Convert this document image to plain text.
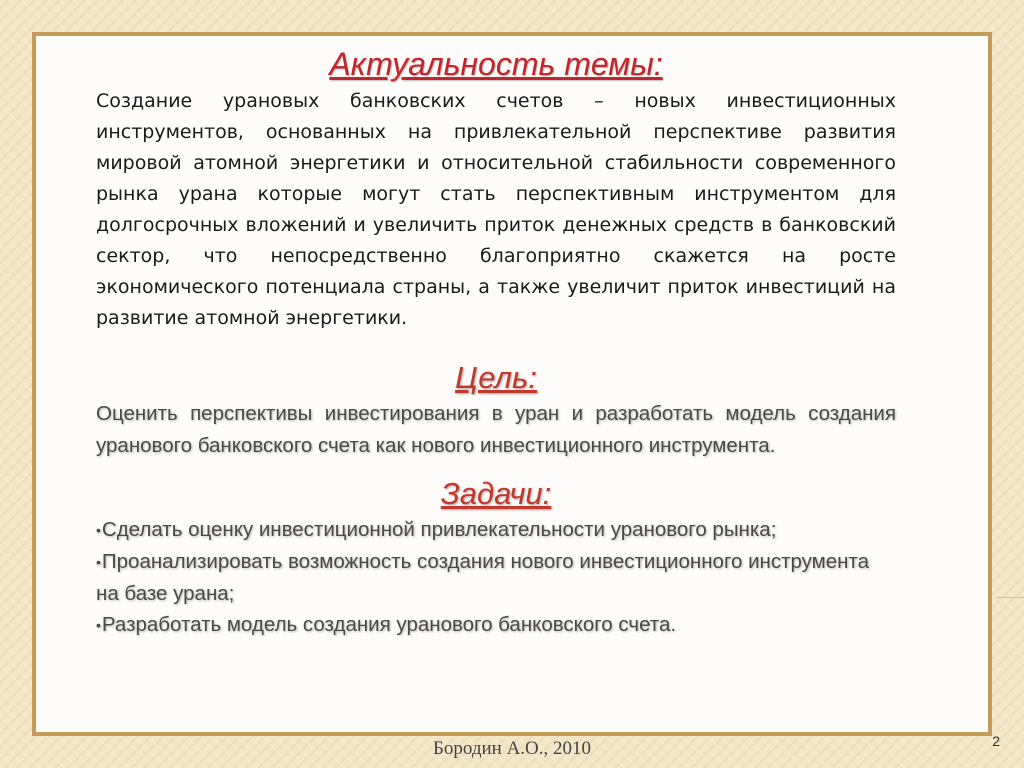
Актуальность темы:

Создание урановых банковских счетов – новых инвестиционных инструментов, основанных на привлекательной перспективе развития мировой атомной энергетики и относительной стабильности современного рынка урана которые могут стать перспективным инструментом для долгосрочных вложений и увеличить приток денежных средств в банковский сектор, что непосредственно благоприятно скажется на росте экономического потенциала страны, а также увеличит приток инвестиций на развитие атомной энергетики.

Цель:

Оценить перспективы инвестирования в уран и разработать модель создания уранового банковского счета как нового инвестиционного инструмента.

Задачи:
•Сделать оценку инвестиционной привлекательности уранового рынка;
•Проанализировать возможность создания нового инвестиционного инструмента на базе урана;
•Разработать модель создания уранового банковского счета.
Бородин А.О., 2010	2
